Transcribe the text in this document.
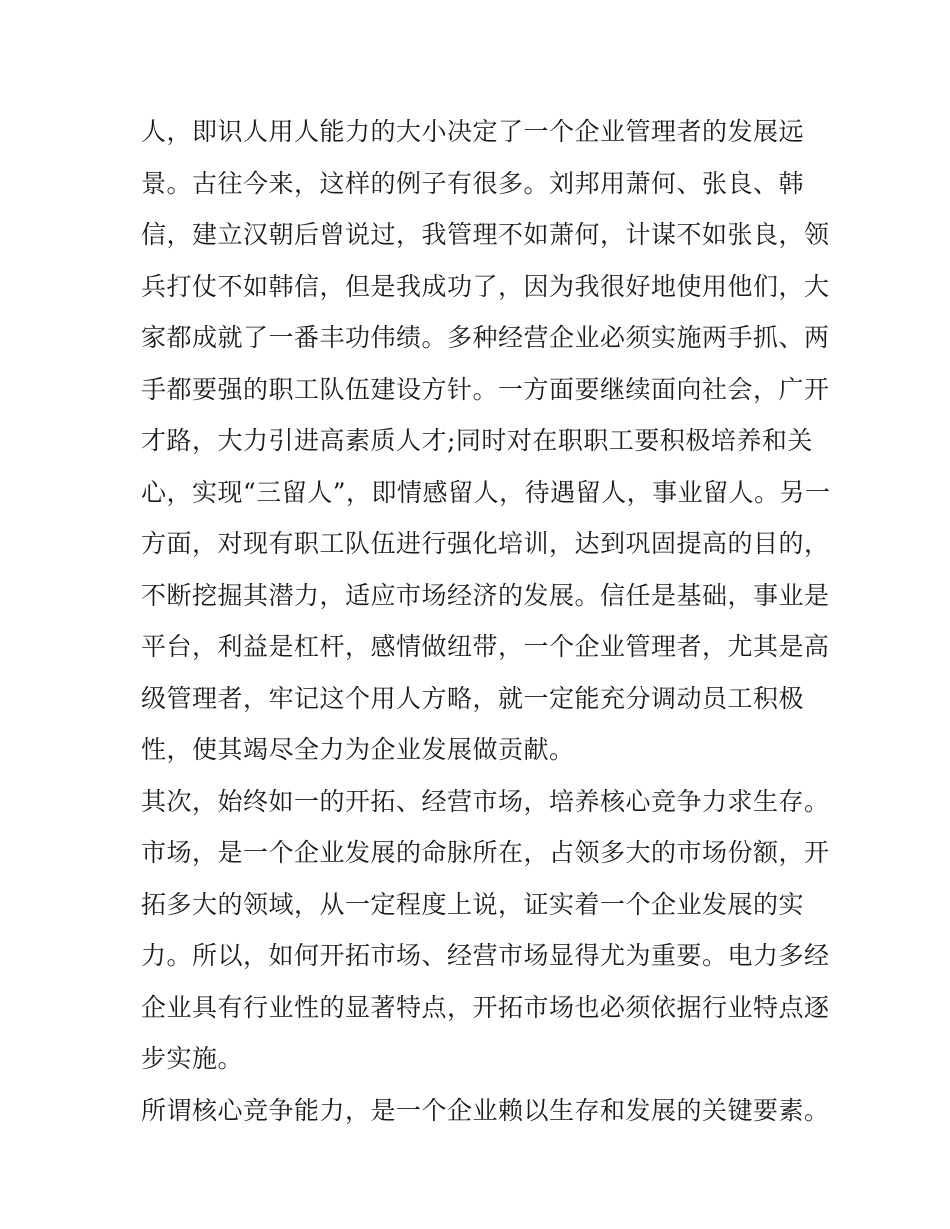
人，即识人用人能力的大小决定了一个企业管理者的发展远
景。古往今来，这样的例子有很多。刘邦用萧何、张良、韩
信，建立汉朝后曾说过，我管理不如萧何，计谋不如张良，领
兵打仗不如韩信，但是我成功了，因为我很好地使用他们，大
家都成就了一番丰功伟绩。多种经营企业必须实施两手抓、两
手都要强的职工队伍建设方针。一方面要继续面向社会，广开
才路，大力引进高素质人才;同时对在职职工要积极培养和关
心，实现“三留人”，即情感留人，待遇留人，事业留人。另一
方面，对现有职工队伍进行强化培训，达到巩固提高的目的，
不断挖掘其潜力，适应市场经济的发展。信任是基础，事业是
平台，利益是杠杆，感情做纽带，一个企业管理者，尤其是高
级管理者，牢记这个用人方略，就一定能充分调动员工积极
性，使其竭尽全力为企业发展做贡献。
其次，始终如一的开拓、经营市场，培养核心竞争力求生存。
市场，是一个企业发展的命脉所在，占领多大的市场份额，开
拓多大的领域，从一定程度上说，证实着一个企业发展的实
力。所以，如何开拓市场、经营市场显得尤为重要。电力多经
企业具有行业性的显著特点，开拓市场也必须依据行业特点逐
步实施。
所谓核心竞争能力，是一个企业赖以生存和发展的关键要素。
